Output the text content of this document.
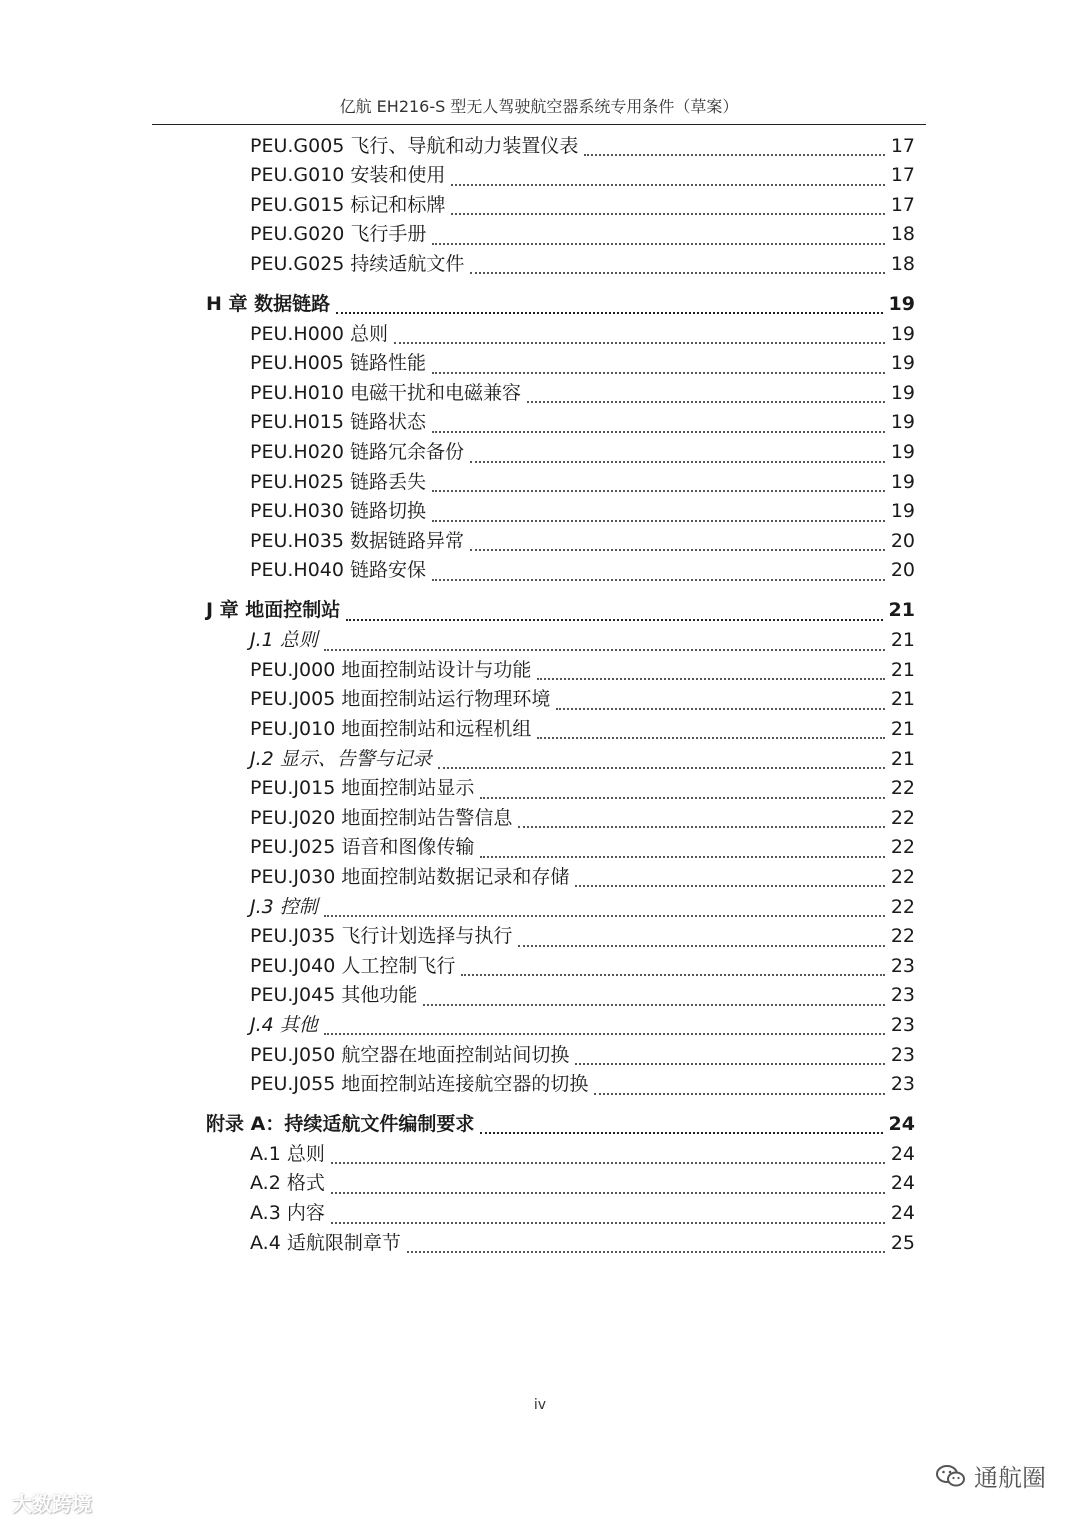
亿航 EH216-S 型无人驾驶航空器系统专用条件（草案）
PEU.G005 飞行、导航和动力装置仪表	17
PEU.G010 安装和使用	17
PEU.G015 标记和标牌	17
PEU.G020 飞行手册	18
PEU.G025 持续适航文件	18
H 章 数据链路	19
PEU.H000 总则	19
PEU.H005 链路性能	19
PEU.H010 电磁干扰和电磁兼容	19
PEU.H015 链路状态	19
PEU.H020 链路冗余备份	19
PEU.H025 链路丢失	19
PEU.H030 链路切换	19
PEU.H035 数据链路异常	20
PEU.H040 链路安保	20
J 章 地面控制站	21
J.1 总则	21
PEU.J000 地面控制站设计与功能	21
PEU.J005 地面控制站运行物理环境	21
PEU.J010 地面控制站和远程机组	21
J.2 显示、告警与记录	21
PEU.J015 地面控制站显示	22
PEU.J020 地面控制站告警信息	22
PEU.J025 语音和图像传输	22
PEU.J030 地面控制站数据记录和存储	22
J.3 控制	22
PEU.J035 飞行计划选择与执行	22
PEU.J040 人工控制飞行	23
PEU.J045 其他功能	23
J.4 其他	23
PEU.J050 航空器在地面控制站间切换	23
PEU.J055 地面控制站连接航空器的切换	23
附录 A：持续适航文件编制要求	24
A.1 总则	24
A.2 格式	24
A.3 内容	24
A.4 适航限制章节	25
iv
大数跨境
通航圈
